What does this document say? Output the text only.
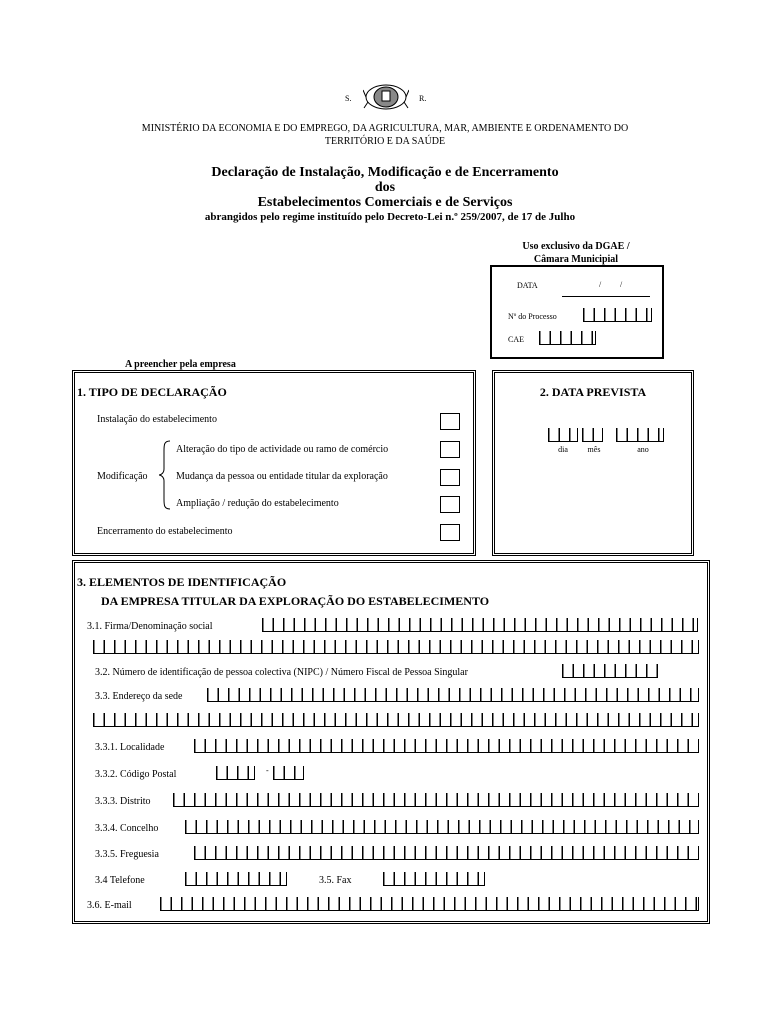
S.	R.
MINISTÉRIO DA ECONOMIA E DO EMPREGO, DA AGRICULTURA, MAR, AMBIENTE E ORDENAMENTO DO
TERRITÓRIO E DA SAÚDE
Declaração de Instalação, Modificação e de Encerramento
dos
Estabelecimentos Comerciais e de Serviços
abrangidos pelo regime instituído pelo Decreto-Lei n.º 259/2007, de 17 de Julho
Uso exclusivo da DGAE /
Câmara Municipial
DATA	/ /
Nº do Processo
CAE
A preencher pela empresa
1. TIPO DE DECLARAÇÃO
Instalação do estabelecimento
Alteração do tipo de actividade ou ramo de comércio
Modificação	Mudança da pessoa ou entidade titular da exploração
Ampliação / redução do estabelecimento
Encerramento do estabelecimento
2. DATA PREVISTA
dia	mês	ano
3. ELEMENTOS DE IDENTIFICAÇÃO
DA EMPRESA TITULAR DA EXPLORAÇÃO DO ESTABELECIMENTO
3.1. Firma/Denominação social
3.2. Número de identificação de pessoa colectiva (NIPC) / Número Fiscal de Pessoa Singular
3.3. Endereço da sede
3.3.1. Localidade
3.3.2. Código Postal	-
3.3.3. Distrito
3.3.4. Concelho
3.3.5. Freguesia
3.4 Telefone	3.5. Fax
3.6. E-mail
